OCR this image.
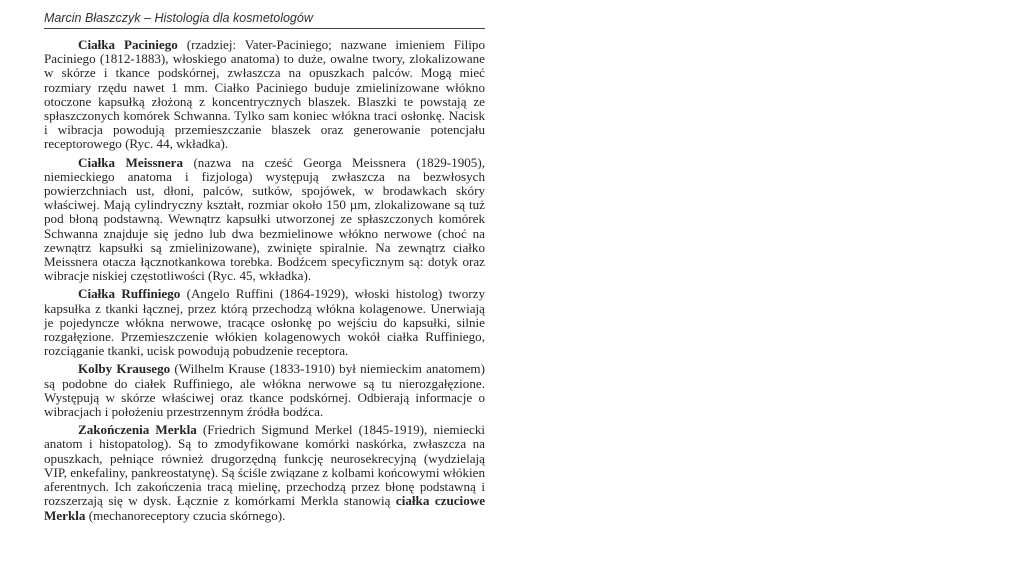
Marcin Błaszczyk – Histologia dla kosmetologów

Ciałka Paciniego (rzadziej: Vater-Paciniego; nazwane imieniem Filipo Paciniego (1812-1883), włoskiego anatoma) to duże, owalne twory, zlokalizowane w skórze i tkance podskórnej, zwłaszcza na opuszkach palców. Mogą mieć rozmiary rzędu nawet 1 mm. Ciałko Paciniego buduje zmielinizowane włókno otoczone kapsułką złożoną z koncentrycznych blaszek. Blaszki te powstają ze spłaszczonych komórek Schwanna. Tylko sam koniec włókna traci osłonkę. Nacisk i wibracja powodują przemieszczanie blaszek oraz generowanie potencjału receptorowego (Ryc. 44, wkładka).

Ciałka Meissnera (nazwa na cześć Georga Meissnera (1829-1905), niemieckiego anatoma i fizjologa) występują zwłaszcza na bezwłosych powierzchniach ust, dłoni, palców, sutków, spojówek, w brodawkach skóry właściwej. Mają cylindryczny kształt, rozmiar około 150 µm, zlokalizowane są tuż pod błoną podstawną. Wewnątrz kapsułki utworzonej ze spłaszczonych komórek Schwanna znajduje się jedno lub dwa bezmielinowe włókno nerwowe (choć na zewnątrz kapsułki są zmielinizowane), zwinięte spiralnie. Na zewnątrz ciałko Meissnera otacza łącznotkankowa torebka. Bodźcem specyficznym są: dotyk oraz wibracje niskiej częstotliwości (Ryc. 45, wkładka).

Ciałka Ruffiniego (Angelo Ruffini (1864-1929), włoski histolog) tworzy kapsułka z tkanki łącznej, przez którą przechodzą włókna kolagenowe. Unerwiają je pojedyncze włókna nerwowe, tracące osłonkę po wejściu do kapsułki, silnie rozgałęzione. Przemieszczenie włókien kolagenowych wokół ciałka Ruffiniego, rozciąganie tkanki, ucisk powodują pobudzenie receptora.

Kolby Krausego (Wilhelm Krause (1833-1910) był niemieckim anatomem) są podobne do ciałek Ruffiniego, ale włókna nerwowe są tu nierozgałęzione. Występują w skórze właściwej oraz tkance podskórnej. Odbierają informacje o wibracjach i położeniu przestrzennym źródła bodźca.

Zakończenia Merkla (Friedrich Sigmund Merkel (1845-1919), niemiecki anatom i histopatolog). Są to zmodyfikowane komórki naskórka, zwłaszcza na opuszkach, pełniące również drugorzędną funkcję neurosekrecyjną (wydzielają VIP, enkefaliny, pankreostatynę). Są ściśle związane z kolbami końcowymi włókien aferentnych. Ich zakończenia tracą mielinę, przechodzą przez błonę podstawną i rozszerzają się w dysk. Łącznie z komórkami Merkla stanowią ciałka czuciowe Merkla (mechanoreceptory czucia skórnego).
